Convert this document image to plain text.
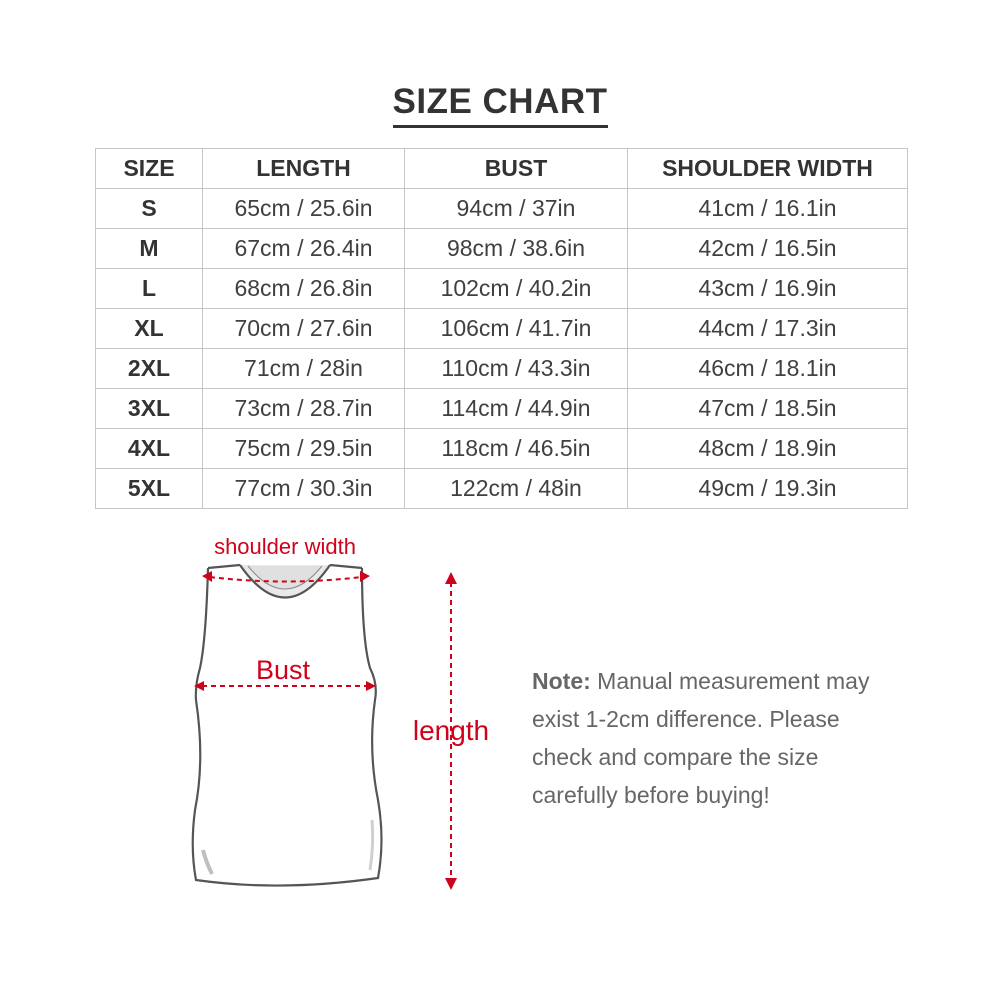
SIZE CHART
SIZE	LENGTH	BUST	SHOULDER WIDTH
S	65cm / 25.6in	94cm / 37in	41cm / 16.1in
M	67cm / 26.4in	98cm / 38.6in	42cm / 16.5in
L	68cm / 26.8in	102cm / 40.2in	43cm / 16.9in
XL	70cm / 27.6in	106cm / 41.7in	44cm / 17.3in
2XL	71cm / 28in	110cm / 43.3in	46cm / 18.1in
3XL	73cm / 28.7in	114cm / 44.9in	47cm / 18.5in
4XL	75cm / 29.5in	118cm / 46.5in	48cm / 18.9in
5XL	77cm / 30.3in	122cm / 48in	49cm / 19.3in
shoulder width
Bust
length
Note: Manual measurement may exist 1-2cm difference. Please check and compare the size carefully before buying!
